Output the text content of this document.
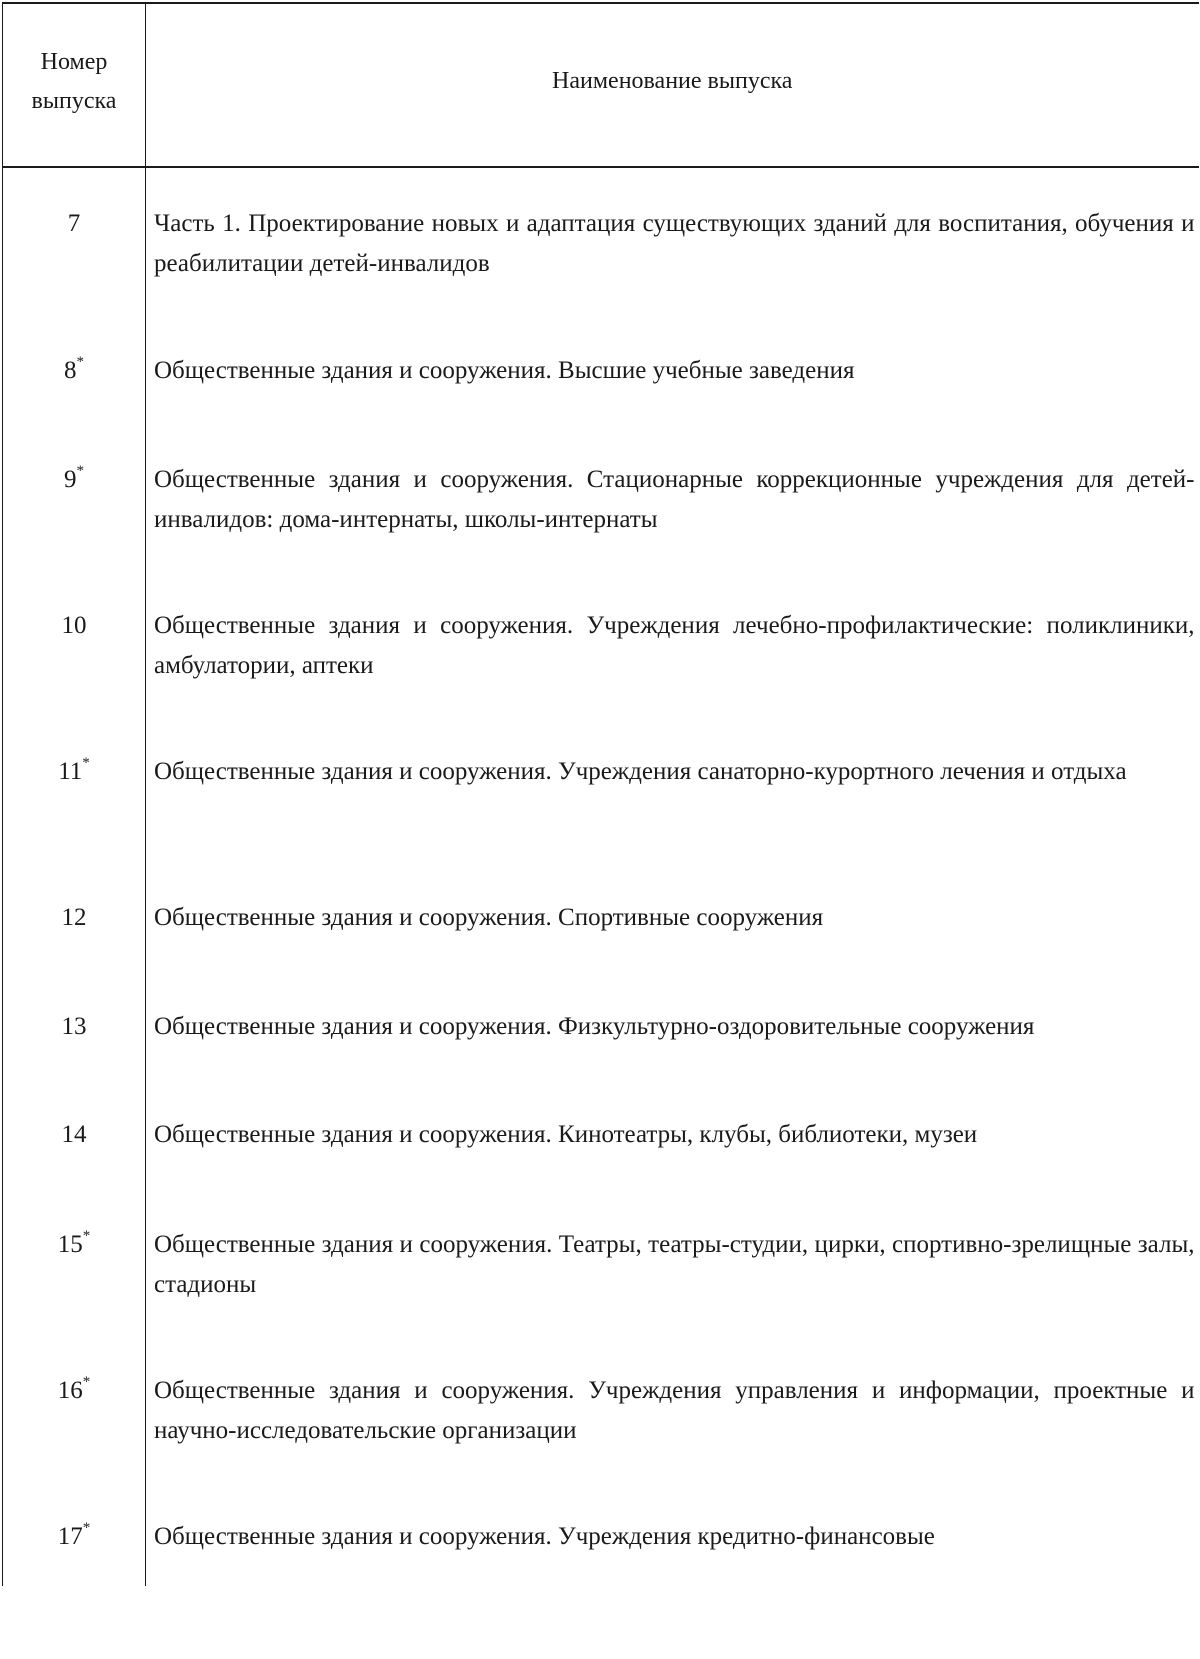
Номер выпуска	Наименование выпуска

7	Часть 1. Проектирование новых и адаптация существующих зданий для воспитания, обучения и реабилитации детей-инвалидов

8*	Общественные здания и сооружения. Высшие учебные заведения

9*	Общественные здания и сооружения. Стационарные коррекционные учреждения для детей-инвалидов: дома-интернаты, школы-интернаты

10	Общественные здания и сооружения. Учреждения лечебно-профилактические: поликлиники, амбулатории, аптеки

11*	Общественные здания и сооружения. Учреждения санаторно-курортного лечения и отдыха

12	Общественные здания и сооружения. Спортивные сооружения

13	Общественные здания и сооружения. Физкультурно-оздоровительные сооружения

14	Общественные здания и сооружения. Кинотеатры, клубы, библиотеки, музеи

15*	Общественные здания и сооружения. Театры, театры-студии, цирки, спортивно-зрелищные залы, стадионы

16*	Общественные здания и сооружения. Учреждения управления и информации, проектные и научно-исследовательские организации

17*	Общественные здания и сооружения. Учреждения кредитно-финансовые
